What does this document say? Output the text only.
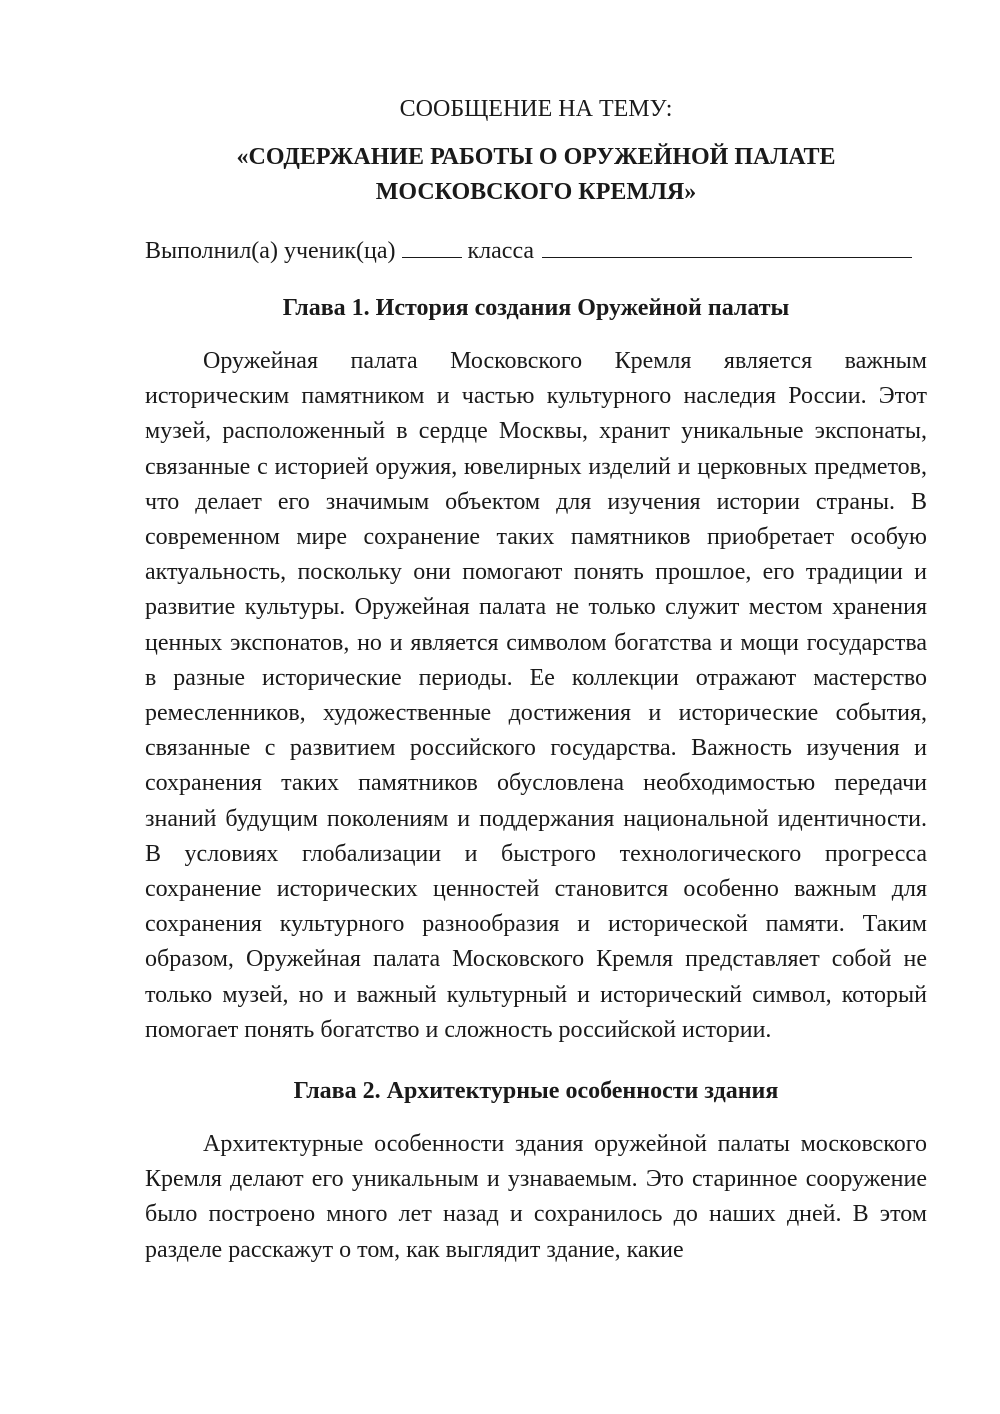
СООБЩЕНИЕ НА ТЕМУ:

«СОДЕРЖАНИЕ РАБОТЫ О ОРУЖЕЙНОЙ ПАЛАТЕ
МОСКОВСКОГО КРЕМЛЯ»

Выполнил(а) ученик(ца)	класса

Глава 1. История создания Оружейной палаты

Оружейная палата Московского Кремля является важным историческим памятником и частью культурного наследия России. Этот музей, расположенный в сердце Москвы, хранит уникальные экспонаты, связанные с историей оружия, ювелирных изделий и церковных предметов, что делает его значимым объектом для изучения истории страны. В современном мире сохранение таких памятников приобретает особую актуальность, поскольку они помогают понять прошлое, его традиции и развитие культуры. Оружейная палата не только служит местом хранения ценных экспонатов, но и является символом богатства и мощи государства в разные исторические периоды. Ее коллекции отражают мастерство ремесленников, художественные достижения и исторические события, связанные с развитием российского государства. Важность изучения и сохранения таких памятников обусловлена необходимостью передачи знаний будущим поколениям и поддержания национальной идентичности. В условиях глобализации и быстрого технологического прогресса сохранение исторических ценностей становится особенно важным для сохранения культурного разнообразия и исторической памяти. Таким образом, Оружейная палата Московского Кремля представляет собой не только музей, но и важный культурный и исторический символ, который помогает понять богатство и сложность российской истории.

Глава 2. Архитектурные особенности здания

Архитектурные особенности здания оружейной палаты московского Кремля делают его уникальным и узнаваемым. Это старинное сооружение было построено много лет назад и сохранилось до наших дней. В этом разделе расскажут о том, как выглядит здание, какие
